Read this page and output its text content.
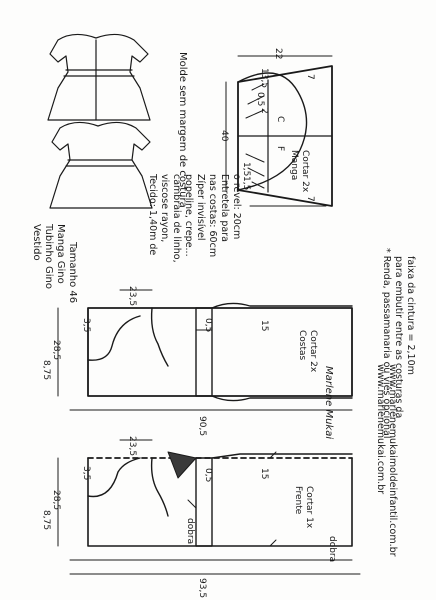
Vestido Tubinho Gino Manga Gino Tamanho 46
Molde sem margem de costura
Tecido: 1,40m de viscose rayon, cambraia de linho, popeline, crepe... Zíper invisível nas costas: 60cm Entretela para o revel: 20cm
* Renda, passamanaria ou viés opcional para embutir entre as costuras da faixa da cintura = 2,10m
www.marlenemukai.com.br www.marlenemukaimoldeinfantil.com.br
Marlene Mukai
Costas Cortar 2x
23,5
28,5
8,75
3,5
90,5
15
0,5
Frente Cortar 1x
dobra
dobra
23,5
28,5
8,75
3,5
93,5
15
0,5
Manga Cortar 2x
22
13,5
40
7
1,5
2
0,5
1,5
7
F
C
